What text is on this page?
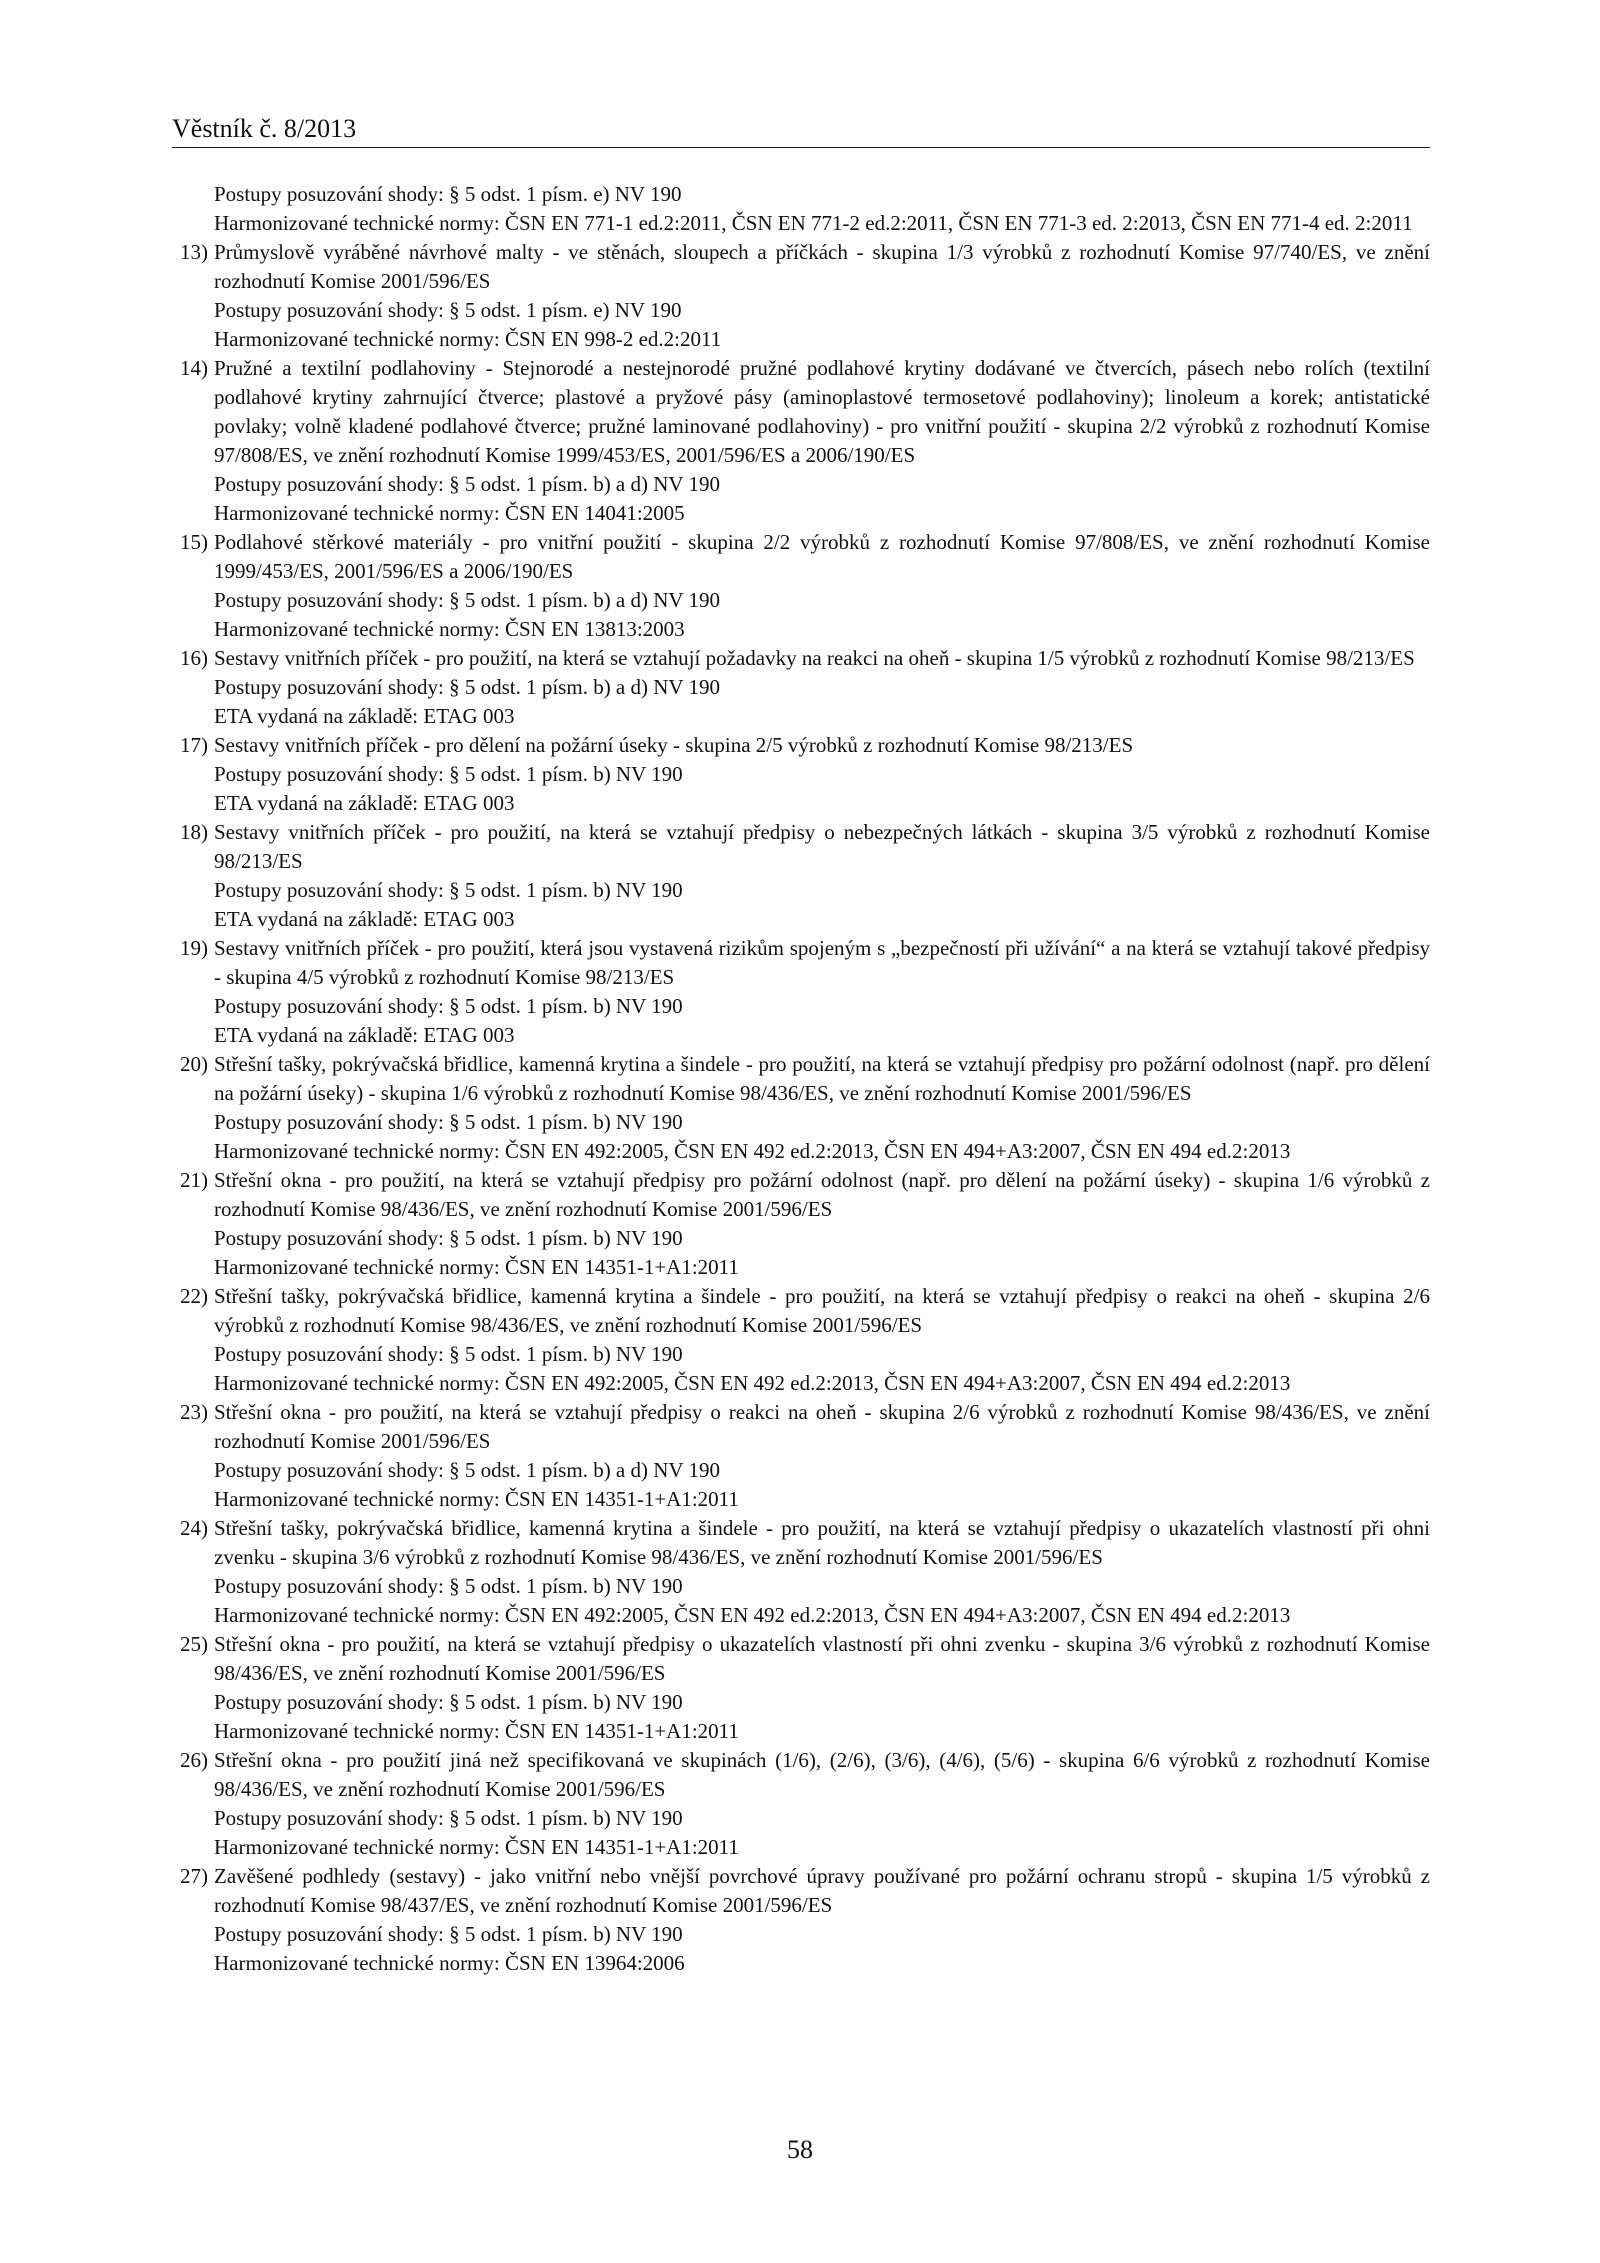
Věstník č. 8/2013
Postupy posuzování shody: § 5 odst. 1 písm. e) NV 190
Harmonizované technické normy: ČSN EN 771-1 ed.2:2011, ČSN EN 771-2 ed.2:2011, ČSN EN 771-3 ed. 2:2013, ČSN EN 771-4 ed. 2:2011
13) Průmyslově vyráběné návrhové malty - ve stěnách, sloupech a příčkách - skupina 1/3 výrobků z rozhodnutí Komise 97/740/ES, ve znění rozhodnutí Komise 2001/596/ES
Postupy posuzování shody: § 5 odst. 1 písm. e) NV 190
Harmonizované technické normy: ČSN EN 998-2 ed.2:2011
14) Pružné a textilní podlahoviny - Stejnorodé a nestejnorodé pružné podlahové krytiny dodávané ve čtvercích, pásech nebo rolích (textilní podlahové krytiny zahrnující čtverce; plastové a pryžové pásy (aminoplastové termosetové podlahoviny); linoleum a korek; antistatické povlaky; volně kladené podlahové čtverce; pružné laminované podlahoviny) - pro vnitřní použití - skupina 2/2 výrobků z rozhodnutí Komise 97/808/ES, ve znění rozhodnutí Komise 1999/453/ES, 2001/596/ES a 2006/190/ES
Postupy posuzování shody: § 5 odst. 1 písm. b) a d) NV 190
Harmonizované technické normy: ČSN EN 14041:2005
15) Podlahové stěrkové materiály - pro vnitřní použití - skupina 2/2 výrobků z rozhodnutí Komise 97/808/ES, ve znění rozhodnutí Komise 1999/453/ES, 2001/596/ES a 2006/190/ES
Postupy posuzování shody: § 5 odst. 1 písm. b) a d) NV 190
Harmonizované technické normy: ČSN EN 13813:2003
16) Sestavy vnitřních příček - pro použití, na která se vztahují požadavky na reakci na oheň - skupina 1/5 výrobků z rozhodnutí Komise 98/213/ES
Postupy posuzování shody: § 5 odst. 1 písm. b) a d) NV 190
ETA vydaná na základě: ETAG 003
17) Sestavy vnitřních příček - pro dělení na požární úseky - skupina 2/5 výrobků z rozhodnutí Komise 98/213/ES
Postupy posuzování shody: § 5 odst. 1 písm. b) NV 190
ETA vydaná na základě: ETAG 003
18) Sestavy vnitřních příček - pro použití, na která se vztahují předpisy o nebezpečných látkách - skupina 3/5 výrobků z rozhodnutí Komise 98/213/ES
Postupy posuzování shody: § 5 odst. 1 písm. b) NV 190
ETA vydaná na základě: ETAG 003
19) Sestavy vnitřních příček - pro použití, která jsou vystavená rizikům spojeným s „bezpečností při užívání“ a na která se vztahují takové předpisy - skupina 4/5 výrobků z rozhodnutí Komise 98/213/ES
Postupy posuzování shody: § 5 odst. 1 písm. b) NV 190
ETA vydaná na základě: ETAG 003
20) Střešní tašky, pokrývačská břidlice, kamenná krytina a šindele - pro použití, na která se vztahují předpisy pro požární odolnost (např. pro dělení na požární úseky) - skupina 1/6 výrobků z rozhodnutí Komise 98/436/ES, ve znění rozhodnutí Komise 2001/596/ES
Postupy posuzování shody: § 5 odst. 1 písm. b) NV 190
Harmonizované technické normy: ČSN EN 492:2005, ČSN EN 492 ed.2:2013, ČSN EN 494+A3:2007, ČSN EN 494 ed.2:2013
21) Střešní okna - pro použití, na která se vztahují předpisy pro požární odolnost (např. pro dělení na požární úseky) - skupina 1/6 výrobků z rozhodnutí Komise 98/436/ES, ve znění rozhodnutí Komise 2001/596/ES
Postupy posuzování shody: § 5 odst. 1 písm. b) NV 190
Harmonizované technické normy: ČSN EN 14351-1+A1:2011
22) Střešní tašky, pokrývačská břidlice, kamenná krytina a šindele - pro použití, na která se vztahují předpisy o reakci na oheň - skupina 2/6 výrobků z rozhodnutí Komise 98/436/ES, ve znění rozhodnutí Komise 2001/596/ES
Postupy posuzování shody: § 5 odst. 1 písm. b) NV 190
Harmonizované technické normy: ČSN EN 492:2005, ČSN EN 492 ed.2:2013, ČSN EN 494+A3:2007, ČSN EN 494 ed.2:2013
23) Střešní okna - pro použití, na která se vztahují předpisy o reakci na oheň - skupina 2/6 výrobků z rozhodnutí Komise 98/436/ES, ve znění rozhodnutí Komise 2001/596/ES
Postupy posuzování shody: § 5 odst. 1 písm. b) a d) NV 190
Harmonizované technické normy: ČSN EN 14351-1+A1:2011
24) Střešní tašky, pokrývačská břidlice, kamenná krytina a šindele - pro použití, na která se vztahují předpisy o ukazatelích vlastností při ohni zvenku - skupina 3/6 výrobků z rozhodnutí Komise 98/436/ES, ve znění rozhodnutí Komise 2001/596/ES
Postupy posuzování shody: § 5 odst. 1 písm. b) NV 190
Harmonizované technické normy: ČSN EN 492:2005, ČSN EN 492 ed.2:2013, ČSN EN 494+A3:2007, ČSN EN 494 ed.2:2013
25) Střešní okna - pro použití, na která se vztahují předpisy o ukazatelích vlastností při ohni zvenku - skupina 3/6 výrobků z rozhodnutí Komise 98/436/ES, ve znění rozhodnutí Komise 2001/596/ES
Postupy posuzování shody: § 5 odst. 1 písm. b) NV 190
Harmonizované technické normy: ČSN EN 14351-1+A1:2011
26) Střešní okna - pro použití jiná než specifikovaná ve skupinách (1/6), (2/6), (3/6), (4/6), (5/6) - skupina 6/6 výrobků z rozhodnutí Komise 98/436/ES, ve znění rozhodnutí Komise 2001/596/ES
Postupy posuzování shody: § 5 odst. 1 písm. b) NV 190
Harmonizované technické normy: ČSN EN 14351-1+A1:2011
27) Zavěšené podhledy (sestavy) - jako vnitřní nebo vnější povrchové úpravy používané pro požární ochranu stropů - skupina 1/5 výrobků z rozhodnutí Komise 98/437/ES, ve znění rozhodnutí Komise 2001/596/ES
Postupy posuzování shody: § 5 odst. 1 písm. b) NV 190
Harmonizované technické normy: ČSN EN 13964:2006
58
